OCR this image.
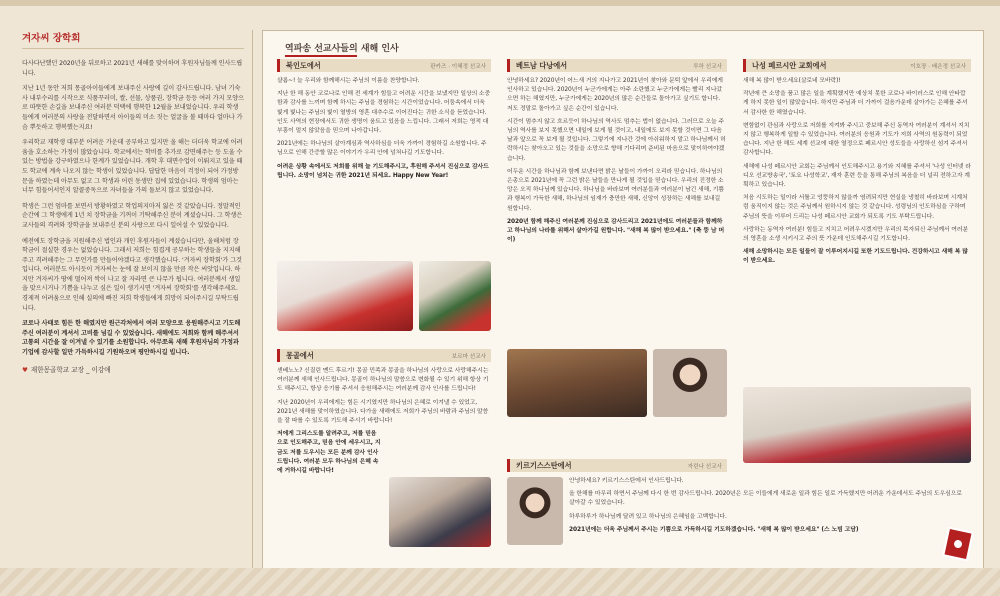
겨자씨 장학회

다사다난했던 2020년을 뒤로하고 2021년 새해를 맞이하며 후원자님들께 인사드립니다.

지난 1년 동안 저희 몽골아이들에게 보내주신 사랑에 깊이 감사드립니다. 남녀 기숙사 내부수리를 시작으로 식품꾸러미, 쌀, 선물, 상품권, 장학금 등등 여러 가지 모양으로 따뜻한 손길을 보내주신 여러분 덕택에 행복한 12월을 보내었습니다. 우리 학생들에게 여러분의 사랑을 전달하면서 아이들의 미소 짓는 얼굴을 볼 때마다 얼마나 가슴 뿌듯하고 행복했는지요!

우리학교 재학생 대부분 어려운 가운데 공부하고 있지만 올 해는 더더욱 학교에 어려움을 호소하는 가정이 많았습니다. 학교에서는 학비를 추가로 감면해주는 등 도울 수 있는 방법을 강구하였으나 한계가 있었습니다. 개학 후 대면수업이 이뤄지고 있을 때도 학교에 계속 나오지 않는 학생이 있었습니다. 답답한 마음이 걱정이 되어 가정방문을 하였는데 아무도 없고 그 학생과 어린 동생만 집에 있었습니다. 학생의 엄마는 너무 힘들어서인지 알콜중독으로 자녀들을 가의 돌보지 않고 있었습니다.

학생은 그런 엄마를 보면서 방황하였고 학업의지마저 잃은 것 같았습니다. 정말적인 순간에 그 학생에게 1년 치 장학금을 기꺼이 기탁해주신 분이 계셨습니다. 그 학생은 교사들의 격려와 장학금을 보내주신 분의 사랑으로 다시 일어설 수 있었습니다.

예전에도 장학금을 지원해주신 법인과 개인 후원자들이 계셨습니다만, 올해처럼 장학금이 절실한 경우는 없었습니다. 그래서 저희는 힘겹게 공부하는 학생들을 지지해주고 격려해주는 그 무언가를 만들어야겠다고 생각했습니다. '겨자씨 장학회'가 그것입니다. 여러분도 아시듯이 겨자씨는 눈에 잘 보이지 않을 만큼 작은 씨앗입니다. 하지만 겨자씨가 땅에 떨어져 싹이 나고 잘 자라면 큰 나무가 됩니다. 여러분께서 생일을 맞으시거나 기쁨을 나누고 싶은 일이 생기시면 '겨자씨 장학회'를 생각해주세요. 경제적 어려움으로 인해 실의에 빠진 저희 학생들에게 희망이 되어주시길 부탁드립니다.

코로나 사태로 힘든 한 해였지만 원근각처에서 여러 모양으로 응원해주시고 기도해주신 여러분이 계셔서 고비를 넘길 수 있었습니다. 새해에도 저희와 함께 해주셔서 고통의 시간을 잘 이겨낼 수 있기를 소원합니다. 아무쪼록 새해 후원자님의 가정과 기업에 감사할 일만 가득하시길 기원하오며 평안하시길 빕니다.

♥ 재한몽골학교 교장 _ 이강애
역파송 선교사들의 새해 인사
북인도에서	판카즈 · 이혜정 선교사

샬롬~! 늘 우리와 함께해시는 주님의 이름을 찬양합니다.

지난 한 해 동안 코로나로 인해 전 세계가 힘들고 어려운 시간을 보냈지만 일상의 소중함과 감사를 느끼며 함께 하시는 주님을 경험하는 시간이었습니다. 어둠속에서 더욱 빛게 빛나는 주님의 빛이 열방의 영혼 대추수로 이어진다는 귀한 소식을 듣었습니다. 인도 사역의 현장에서도 귀한 생명이 움트고 있음을 느낍니다. 그래서 저희는 영적 대부흥이 멀지 않았음을 믿으며 나아갑니다.

2021년에는 하나님의 살아계심과 역사하심을 더욱 가까이 경험하길 소원합니다. 주님으로 인해 간증할 많은 이야기가 우리 안에 넘쳐나길 기도합니다.

어려운 상황 속에서도 저희를 위해 늘 기도해주시고, 후원해 주셔서 진심으로 감사드립니다. 소망이 넘치는 귀한 2021년 되세요. Happy New Year!

몽골에서	보르마 선교사

센베노노? 신질린 멘드 후르기! 몽골 민족과 몽골을 하나님의 사랑으로 사랑해주시는 여러분께 새해 인사드립니다. 몽골이 하나님의 말씀으로 변화될 수 있기 위해 항상 기도 해주시고, 항상 응기를 주셔서 응원해주시는 여러분께 감사 인사를 드립니다!

지난 2020년이 우리에게는 힘든 시기였지만 하나님의 은혜로 이겨낼 수 있었고, 2021년 새해를 맞이하였습니다. 다가올 새해에도 저희가 주님의 바람과 주님의 말씀을 잘 따를 수 있도록 기도해 주시기 바랍니다!

저에게 그리스도를 알려주고, 저를 믿음으로 인도해주고, 믿음 안에 세우시고, 지금도 저를 도우시는 모든 분께 감사 인사드립니다. 여러분 모두 하나님의 은혜 속에 거하시길 바랍니다!

베트남 다낭에서	투하 선교사

안녕하세요? 2020년이 어느새 거의 지나가고 2021년이 찾아와 문턱 앞에서 우리에게 인사하고 있습니다. 2020년이 누군가에게는 아주 소란했고 누군가에게는 빨리 지나갔으면 하는 해였지만, 누군가에게는 2020년의 많은 순간들로 돌아가고 싶기도 합니다. 저도 정말로 돌아가고 싶은 순간이 있습니다.

시간이 멈추지 않고 흐르듯이 하나님의 역사도 멈추는 법이 없습니다. 그러므로 오늘 주님의 역사를 보지 못했으면 내일에 보게 될 것이고, 내일에도 보지 못할 것이면 그 다음날과 앞으로 꼭 보게 될 것입니다. 그렇기에 지나간 것에 아쉬워하지 말고 하나님께서 허락하시는 찾아오고 있는 것들을 소망으로 향해 기다리며 준비된 마음으로 맞이하여야겠습니다.

어두운 시간을 하나님과 함께 보낸다면 밝은 날들이 가까이 오리라 믿습니다. 하나님의 은총으로 2021년에 꼭 그런 밝은 날들을 만나게 될 것입을 믿습니다. 우리의 진정한 소망은 오직 하나님께 있습니다. 하나님을 바라보며 여러분들과 여러분이 남긴 새해, 기쁨과 행복이 가득한 새해, 하나님의 임재가 충만한 새해, 신앙이 성장하는 새해를 보내길 원합니다.

2020년 함께 해주신 여러분께 진심으로 감사드리고 2021년에도 여러분들과 함께하고 하나님의 나라를 위해서 살아가길 원합니다. "새해 복 많이 받으세요." (축 뚱 남 머이)

키르기스스탄에서	자린나 선교사

안녕하세요? 키르기스스탄에서 인사드립니다.

올 한해를 마무리 하면서 주님께 다시 한 번 감사드립니다. 2020년은 모든 이들에게 새로운 일과 힘든 일로 가득했지만 어려운 가운데서도 주님의 도우심으로 살아갈 수 있었습니다.

하루하루가 하나님께 달려 있고 하나님의 은혜임을 고백합니다.

2021년에는 더욱 주님께서 주시는 기쁨으로 가득하시길 기도하겠습니다. "새해 복 많이 받으세요" (스 노빔 고담)

나성 페르시안 교회에서	이호장 · 배은정 선교사

새해 복 많이 받으세요(살로네 모바락)!

작년에 큰 소망을 품고 많은 일을 계획했지만 예상치 못한 코로나 바이러스로 인해 안타깝게 하지 못한 일이 많았습니다. 하지만 주님과 더 가까이 걸음가운데 살아가는 은혜를 주셔서 감사한 한 해였습니다.

변함없이 관심과 사랑으로 저희를 지켜봐 주시고 중보해 주신 동역자 여러분이 계셔서 지치지 않고 행복하게 일할 수 있었습니다. 여러분의 응원과 기도가 저희 사역의 원동력이 되었습니다. 지난 한 해도 세계 선교에 대한 열정으로 페르시안 성도들을 사랑하신 섬겨 주셔서 감사합니다.

새해에 나성 페르시안 교회는 주님께서 인도해주시고 용기와 지혜를 주셔서 '나성 인터넷 라디오 선교방송국', '토요 나성학교', 재자 훈련 등을 통해 주님의 복음을 더 널리 전하고자 계획하고 있습니다.

처음 시도하는 일이라 서툴고 엉뚱하지 않을까 염려되지만 현실을 냉철히 바라보며 시계처럼 움직이지 않는 것은 주님께서 원하시지 않는 것 같습니다. 성령님의 인도하심을 구하며 주님의 뜻을 이루어 드리는 나성 페르시안 교회가 되도록 기도 부탁드립니다.

사랑하는 동역자 여러분! 힘들고 지치고 어려우시겠지만 우리의 목자되신 주님께서 여러분의 영혼을 소생 시키시고 주의 뜻 가운데 인도해주시길 기도합니다.

새해 소망하시는 모든 일들이 잘 이루어지시길 또한 기도드립니다. 건강하시고 새해 복 많이 받으세요.
